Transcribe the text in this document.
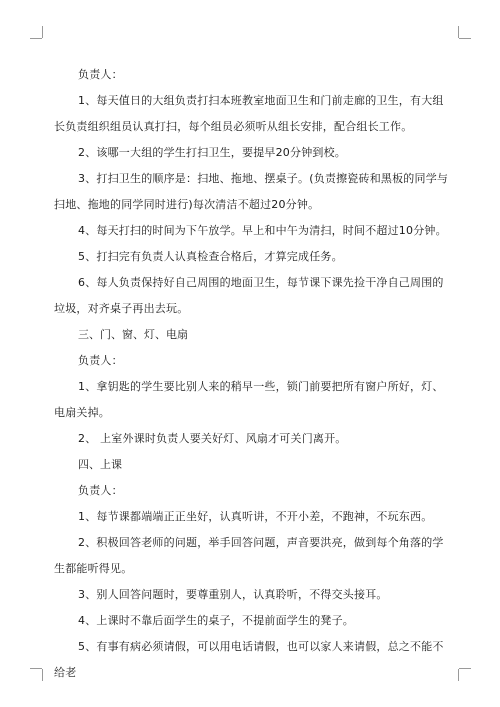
负责人：

1、每天值日的大组负责打扫本班教室地面卫生和门前走廊的卫生，有大组长负责组织组员认真打扫，每个组员必须听从组长安排，配合组长工作。

2、该哪一大组的学生打扫卫生，要提早20分钟到校。

3、打扫卫生的顺序是：扫地、拖地、摆桌子。(负责擦瓷砖和黑板的同学与扫地、拖地的同学同时进行)每次清洁不超过20分钟。

4、每天打扫的时间为下午放学。早上和中午为清扫，时间不超过10分钟。

5、打扫完有负责人认真检查合格后，才算完成任务。

6、每人负责保持好自己周围的地面卫生，每节课下课先捡干净自己周围的垃圾，对齐桌子再出去玩。

三、门、窗、灯、电扇

负责人：

1、拿钥匙的学生要比别人来的稍早一些，锁门前要把所有窗户所好，灯、电扇关掉。

2、 上室外课时负责人要关好灯、风扇才可关门离开。

四、上课

负责人：

1、每节课都端端正正坐好，认真听讲，不开小差，不跑神，不玩东西。

2、积极回答老师的问题，举手回答问题，声音要洪亮，做到每个角落的学生都能听得见。

3、别人回答问题时，要尊重别人，认真聆听，不得交头接耳。

4、上课时不靠后面学生的桌子，不提前面学生的凳子。

5、有事有病必须请假，可以用电话请假，也可以家人来请假，总之不能不给老
